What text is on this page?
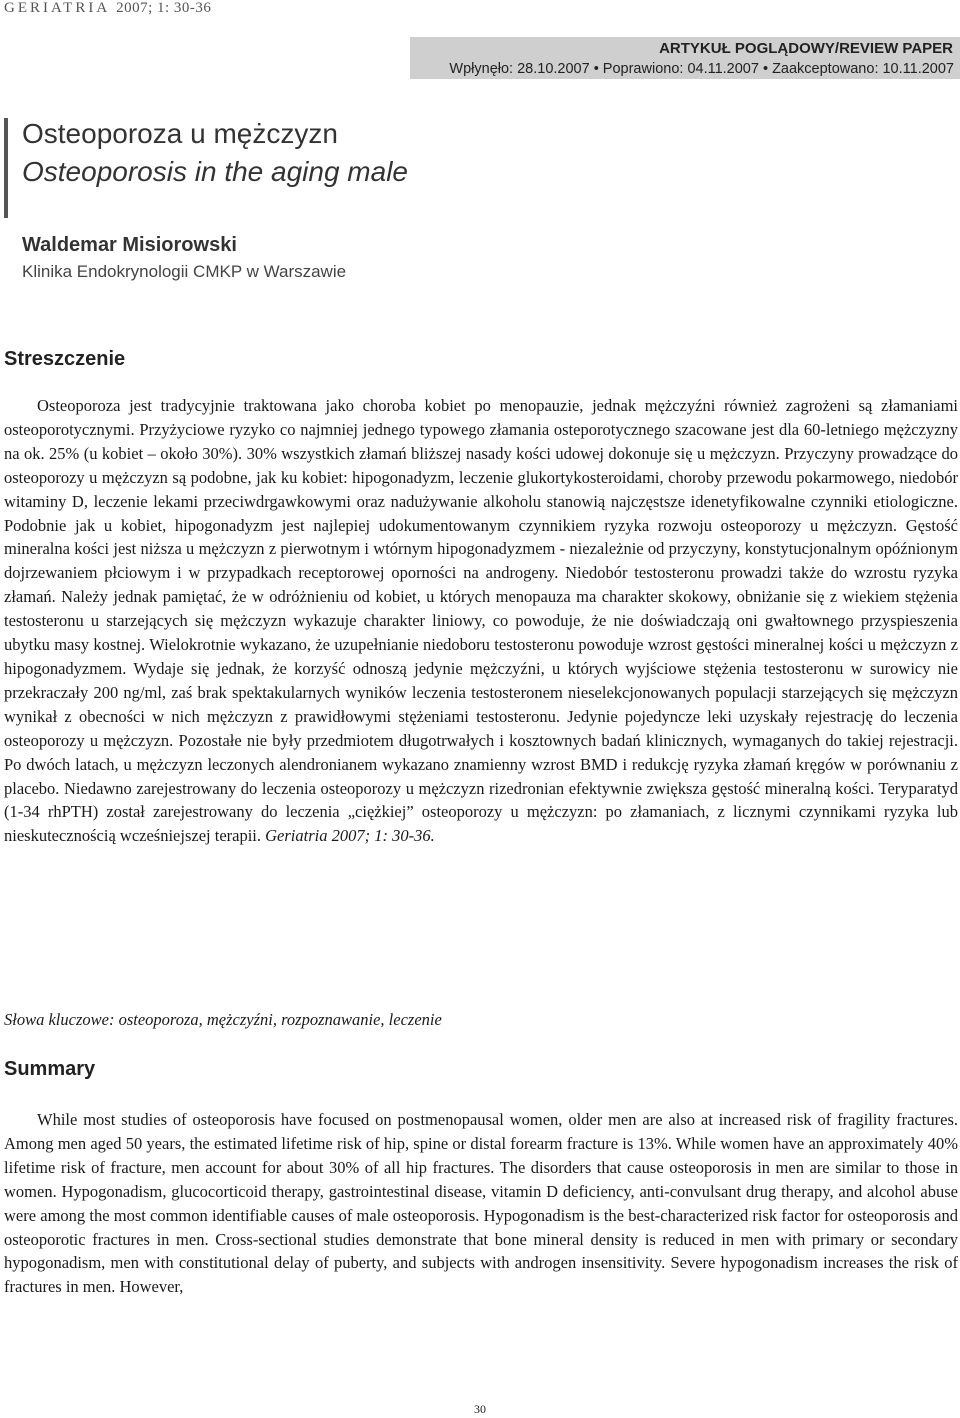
GERIATRIA 2007; 1: 30-36
ARTYKUŁ POGLĄDOWY/REVIEW PAPER
Wpłynęło: 28.10.2007 • Poprawiono: 04.11.2007 • Zaakceptowano: 10.11.2007
Osteoporoza u mężczyzn
Osteoporosis in the aging male
Waldemar Misiorowski
Klinika Endokrynologii CMKP w Warszawie
Streszczenie

Osteoporoza jest tradycyjnie traktowana jako choroba kobiet po menopauzie, jednak mężczyźni również zagrożeni są złamaniami osteoporotycznymi. Przyżyciowe ryzyko co najmniej jednego typowego złamania osteporotycznego szacowane jest dla 60-letniego mężczyzny na ok. 25% (u kobiet – około 30%). 30% wszystkich złamań bliższej nasady kości udowej dokonuje się u mężczyzn. Przyczyny prowadzące do osteoporozy u mężczyzn są podobne, jak ku kobiet: hipogonadyzm, leczenie glukortykosteroidami, choroby przewodu pokarmowego, niedobór witaminy D, leczenie lekami przeciwdrgawkowymi oraz nadużywanie alkoholu stanowią najczęstsze idenetyfikowalne czynniki etiologiczne. Podobnie jak u kobiet, hipogonadyzm jest najlepiej udokumentowanym czynnikiem ryzyka rozwoju osteoporozy u mężczyzn. Gęstość mineralna kości jest niższa u mężczyzn z pierwotnym i wtórnym hipogonadyzmem - niezależnie od przyczyny, konstytucjonalnym opóźnionym dojrzewaniem płciowym i w przypadkach receptorowej oporności na androgeny. Niedobór testosteronu prowadzi także do wzrostu ryzyka złamań. Należy jednak pamiętać, że w odróżnieniu od kobiet, u których menopauza ma charakter skokowy, obniżanie się z wiekiem stężenia testosteronu u starzejących się mężczyzn wykazuje charakter liniowy, co powoduje, że nie doświadczają oni gwałtownego przyspieszenia ubytku masy kostnej. Wielokrotnie wykazano, że uzupełnianie niedoboru testosteronu powoduje wzrost gęstości mineralnej kości u mężczyzn z hipogonadyzmem. Wydaje się jednak, że korzyść odnoszą jedynie mężczyźni, u których wyjściowe stężenia testosteronu w surowicy nie przekraczały 200 ng/ml, zaś brak spektakularnych wyników leczenia testosteronem nieselekcjonowanych populacji starzejących się mężczyzn wynikał z obecności w nich mężczyzn z prawidłowymi stężeniami testosteronu. Jedynie pojedyncze leki uzyskały rejestrację do leczenia osteoporozy u mężczyzn. Pozostałe nie były przedmiotem długotrwałych i kosztownych badań klinicznych, wymaganych do takiej rejestracji. Po dwóch latach, u mężczyzn leczonych alendronianem wykazano znamienny wzrost BMD i redukcję ryzyka złamań kręgów w porównaniu z placebo. Niedawno zarejestrowany do leczenia osteoporozy u mężczyzn rizedronian efektywnie zwiększa gęstość mineralną kości. Teryparatyd (1-34 rhPTH) został zarejestrowany do leczenia „ciężkiej” osteoporozy u mężczyzn: po złamaniach, z licznymi czynnikami ryzyka lub nieskutecznością wcześniejszej terapii. Geriatria 2007; 1: 30-36.

Słowa kluczowe: osteoporoza, mężczyźni, rozpoznawanie, leczenie
Summary

While most studies of osteoporosis have focused on postmenopausal women, older men are also at increased risk of fragility fractures. Among men aged 50 years, the estimated lifetime risk of hip, spine or distal forearm fracture is 13%. While women have an approximately 40% lifetime risk of fracture, men account for about 30% of all hip fractures. The disorders that cause osteoporosis in men are similar to those in women. Hypogonadism, glucocorticoid therapy, gastrointestinal disease, vitamin D deficiency, anti-convulsant drug therapy, and alcohol abuse were among the most common identifiable causes of male osteoporosis. Hypogonadism is the best-characterized risk factor for osteoporosis and osteoporotic fractures in men. Cross-sectional studies demonstrate that bone mineral density is reduced in men with primary or secondary hypogonadism, men with constitutional delay of puberty, and subjects with androgen insensitivity. Severe hypogonadism increases the risk of fractures in men. However,

30
